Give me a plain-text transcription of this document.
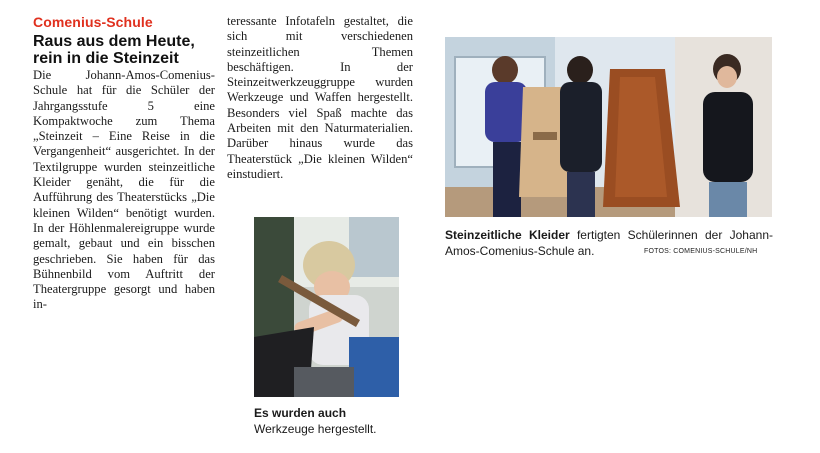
Comenius-Schule
Raus aus dem Heute, rein in die Steinzeit

Die Johann-Amos-Comenius-Schule hat für die Schüler der Jahrgangsstufe 5 eine Kompaktwoche zum Thema „Steinzeit – Eine Reise in die Vergangenheit“ ausgerichtet. In der Textilgruppe wurden steinzeitliche Kleider genäht, die für die Aufführung des Theaterstücks „Die kleinen Wilden“ benötigt wurden. In der Höhlenmalereigruppe wurde gemalt, gebaut und ein bisschen geschrieben. Sie haben für das Bühnenbild vom Auftritt der Theatergruppe gesorgt und haben in-

teressante Infotafeln gestaltet, die sich mit verschiedenen steinzeitlichen Themen beschäftigen. In der Steinzeitwerkzeuggruppe wurden Werkzeuge und Waffen hergestellt. Besonders viel Spaß machte das Arbeiten mit den Naturmaterialien. Darüber hinaus wurde das Theaterstück „Die kleinen Wilden“ einstudiert.

Es wurden auch Werkzeuge hergestellt.
Steinzeitliche Kleider fertigten Schülerinnen der Johann-Amos-Comenius-Schule an.	FOTOS: COMENIUS-SCHULE/NH
